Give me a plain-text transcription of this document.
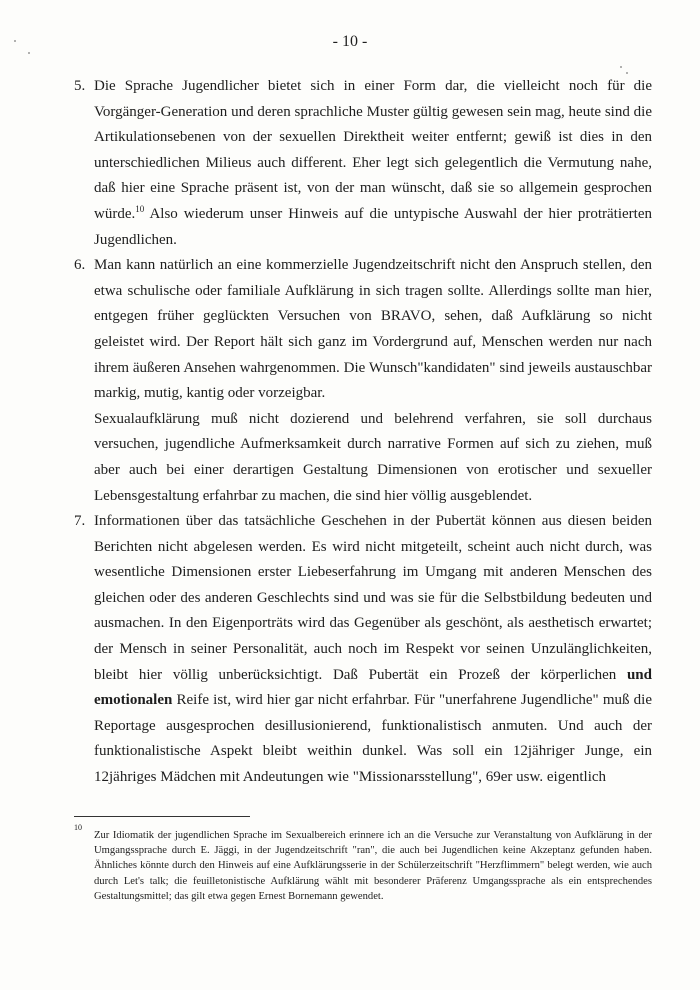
- 10 -
5. Die Sprache Jugendlicher bietet sich in einer Form dar, die vielleicht noch für die Vorgänger-Generation und deren sprachliche Muster gültig gewesen sein mag, heute sind die Artikulationsebenen von der sexuellen Direktheit weiter entfernt; gewiß ist dies in den unterschiedlichen Milieus auch different. Eher legt sich gelegentlich die Vermutung nahe, daß hier eine Sprache präsent ist, von der man wünscht, daß sie so allgemein gesprochen würde.$^{10}$ Also wiederum unser Hinweis auf die untypische Auswahl der hier proträtierten Jugendlichen.

6. Man kann natürlich an eine kommerzielle Jugendzeitschrift nicht den Anspruch stellen, den etwa schulische oder familiale Aufklärung in sich tragen sollte. Allerdings sollte man hier, entgegen früher geglückten Versuchen von BRAVO, sehen, daß Aufklärung so nicht geleistet wird. Der Report hält sich ganz im Vordergrund auf, Menschen werden nur nach ihrem äußeren Ansehen wahrgenommen. Die Wunsch"kandidaten" sind jeweils austauschbar markig, mutig, kantig oder vorzeigbar.

Sexualaufklärung muß nicht dozierend und belehrend verfahren, sie soll durchaus versuchen, jugendliche Aufmerksamkeit durch narrative Formen auf sich zu ziehen, muß aber auch bei einer derartigen Gestaltung Dimensionen von erotischer und sexueller Lebensgestaltung erfahrbar zu machen, die sind hier völlig ausgeblendet.

7. Informationen über das tatsächliche Geschehen in der Pubertät können aus diesen beiden Berichten nicht abgelesen werden. Es wird nicht mitgeteilt, scheint auch nicht durch, was wesentliche Dimensionen erster Liebeserfahrung im Umgang mit anderen Menschen des gleichen oder des anderen Geschlechts sind und was sie für die Selbstbildung bedeuten und ausmachen. In den Eigenporträts wird das Gegenüber als geschönt, als aesthetisch erwartet; der Mensch in seiner Personalität, auch noch im Respekt vor seinen Unzulänglichkeiten, bleibt hier völlig unberücksichtigt. Daß Pubertät ein Prozeß der körperlichen und emotionalen Reife ist, wird hier gar nicht erfahrbar. Für "unerfahrene Jugendliche" muß die Reportage ausgesprochen desillusionierend, funktionalistisch anmuten. Und auch der funktionalistische Aspekt bleibt weithin dunkel. Was soll ein 12jähriger Junge, ein 12jähriges Mädchen mit Andeutungen wie "Missionarsstellung", 69er usw. eigentlich

10

Zur Idiomatik der jugendlichen Sprache im Sexualbereich erinnere ich an die Versuche zur Veranstaltung von Aufklärung in der Umgangssprache durch E. Jäggi, in der Jugendzeitschrift "ran", die auch bei Jugendlichen keine Akzeptanz gefunden haben. Ähnliches könnte durch den Hinweis auf eine Aufklärungsserie in der Schülerzeitschrift "Herzflimmern" belegt werden, wie auch durch Let's talk; die feuilletonistische Aufklärung wählt mit besonderer Präferenz Umgangssprache als ein entsprechendes Gestaltungsmittel; das gilt etwa gegen Ernest Bornemann gewendet.
